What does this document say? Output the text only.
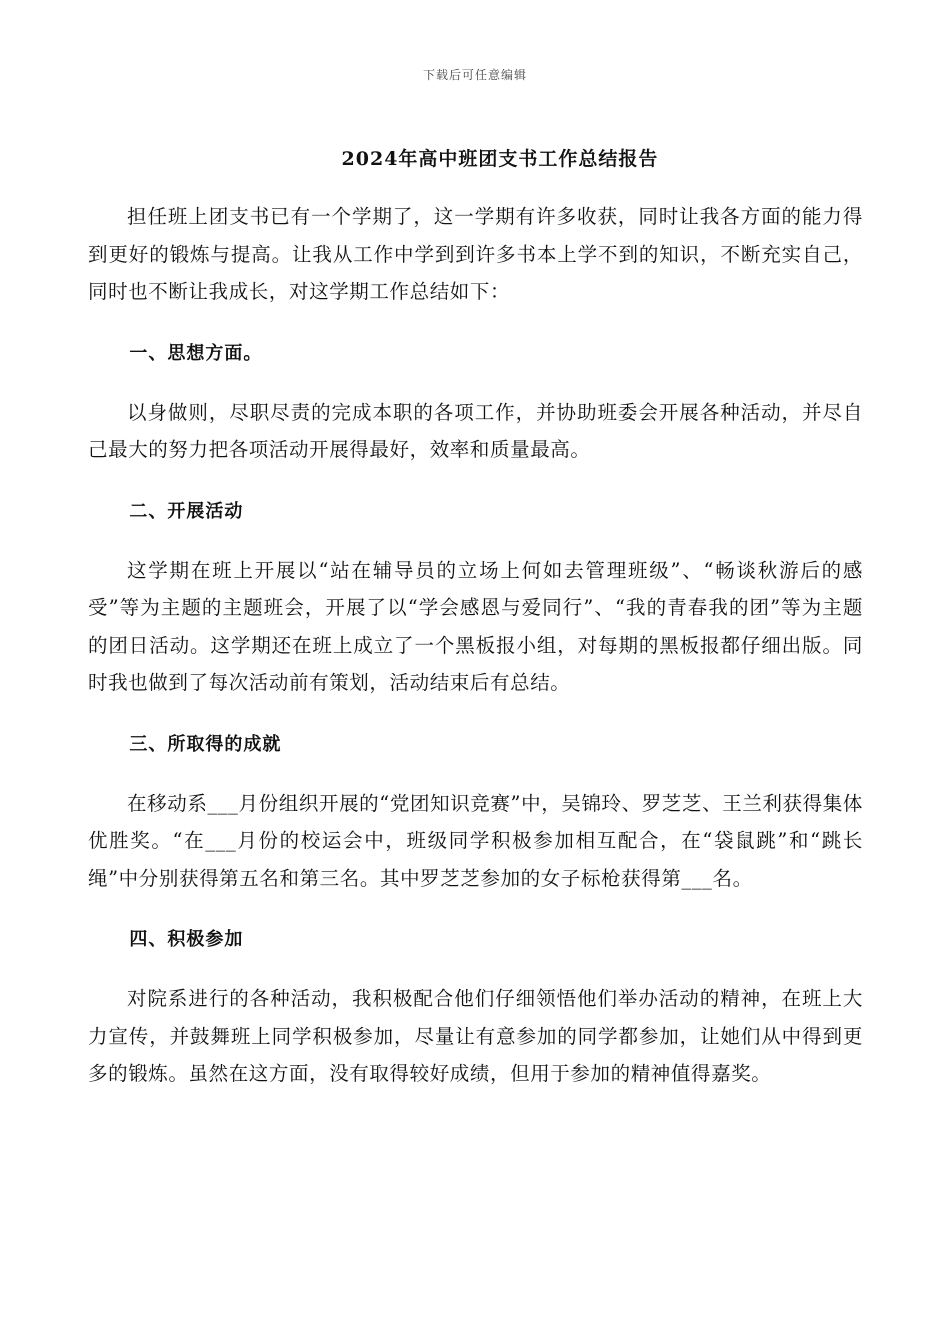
下载后可任意编辑
2024年高中班团支书工作总结报告

担任班上团支书已有一个学期了，这一学期有许多收获，同时让我各方面的能力得到更好的锻炼与提高。让我从工作中学到到许多书本上学不到的知识，不断充实自己，同时也不断让我成长，对这学期工作总结如下：

一、思想方面。

以身做则，尽职尽责的完成本职的各项工作，并协助班委会开展各种活动，并尽自己最大的努力把各项活动开展得最好，效率和质量最高。

二、开展活动

这学期在班上开展以“站在辅导员的立场上何如去管理班级”、“畅谈秋游后的感受”等为主题的主题班会，开展了以“学会感恩与爱同行”、“我的青春我的团”等为主题的团日活动。这学期还在班上成立了一个黑板报小组，对每期的黑板报都仔细出版。同时我也做到了每次活动前有策划，活动结束后有总结。

三、所取得的成就

在移动系___月份组织开展的“党团知识竞赛”中，吴锦玲、罗芝芝、王兰利获得集体优胜奖。“在___月份的校运会中，班级同学积极参加相互配合，在“袋鼠跳”和“跳长绳”中分别获得第五名和第三名。其中罗芝芝参加的女子标枪获得第___名。

四、积极参加

对院系进行的各种活动，我积极配合他们仔细领悟他们举办活动的精神，在班上大力宣传，并鼓舞班上同学积极参加，尽量让有意参加的同学都参加，让她们从中得到更多的锻炼。虽然在这方面，没有取得较好成绩，但用于参加的精神值得嘉奖。
